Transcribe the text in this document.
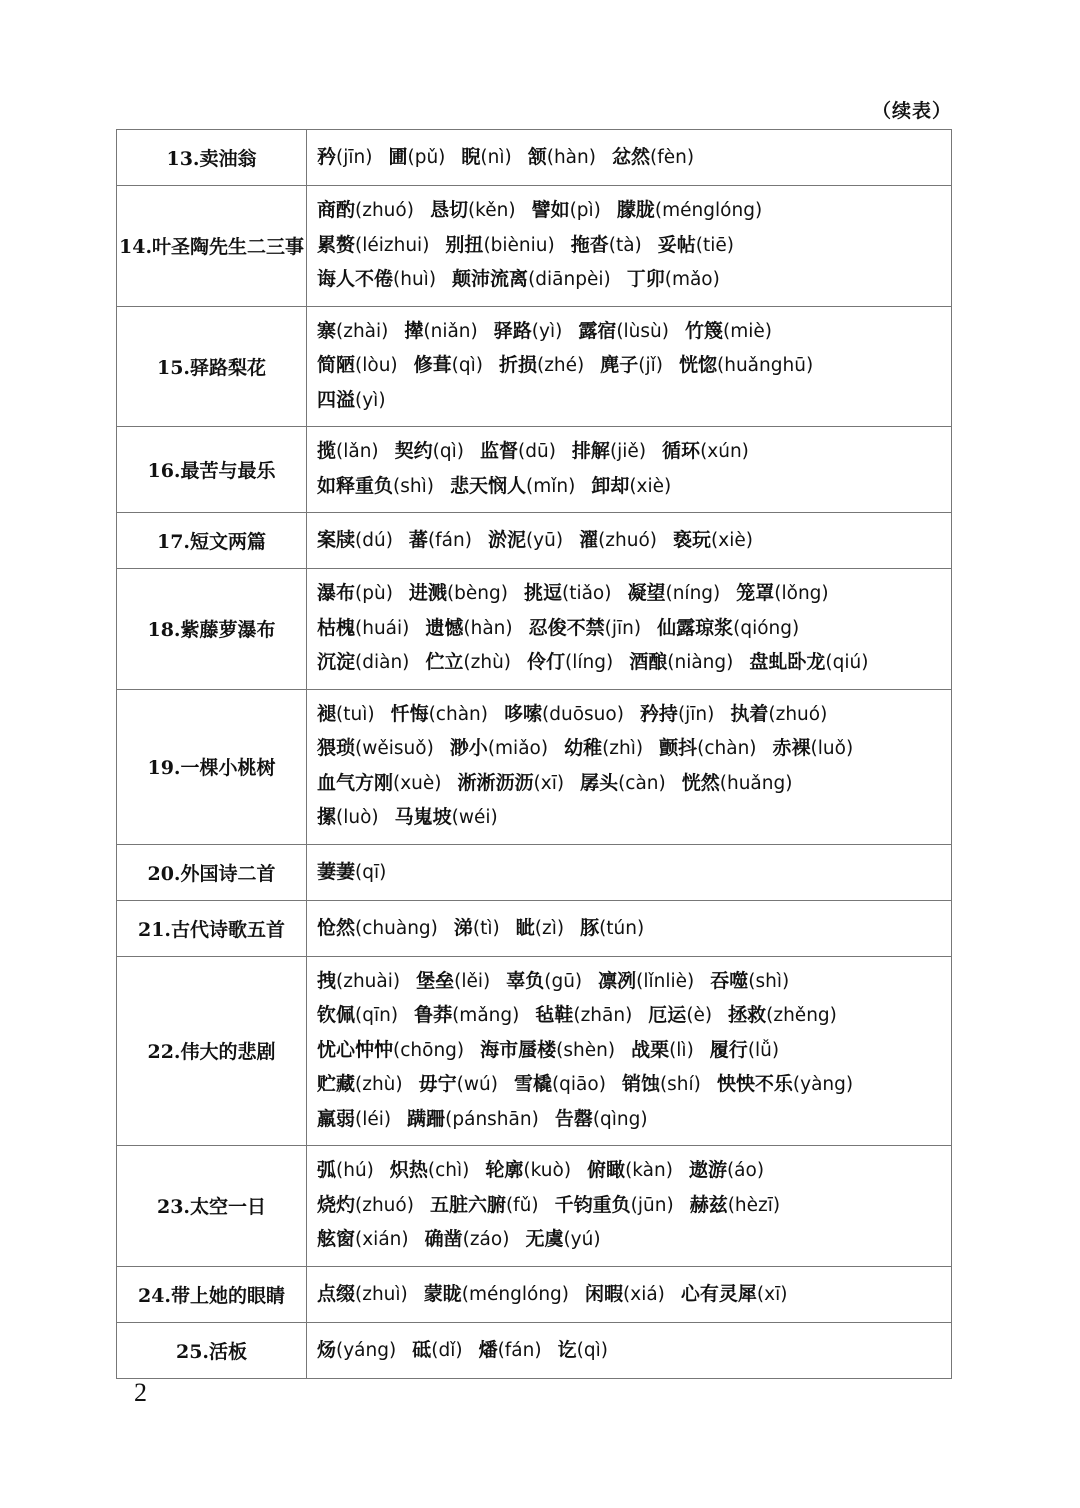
（续表）
13.卖油翁	矜(jīn) 圃(pǔ) 睨(nì) 颔(hàn) 忿然(fèn)

14.叶圣陶先生二三事	商酌(zhuó) 恳切(kěn) 譬如(pì) 朦胧(ménglóng)
累赘(léizhui) 别扭(bièniu) 拖沓(tà) 妥帖(tiē)
诲人不倦(huì) 颠沛流离(diānpèi) 丁卯(mǎo)

15.驿路梨花	寨(zhài) 撵(niǎn) 驿路(yì) 露宿(lùsù) 竹篾(miè)
简陋(lòu) 修葺(qì) 折损(zhé) 麂子(jǐ) 恍惚(huǎnghū)
四溢(yì)

16.最苦与最乐	揽(lǎn) 契约(qì) 监督(dū) 排解(jiě) 循环(xún)
如释重负(shì) 悲天悯人(mǐn) 卸却(xiè)

17.短文两篇	案牍(dú) 蕃(fán) 淤泥(yū) 濯(zhuó) 亵玩(xiè)

18.紫藤萝瀑布	瀑布(pù) 进溅(bèng) 挑逗(tiǎo) 凝望(níng) 笼罩(lǒng)
枯槐(huái) 遗憾(hàn) 忍俊不禁(jīn) 仙露琼浆(qióng)
沉淀(diàn) 伫立(zhù) 伶仃(líng) 酒酿(niàng) 盘虬卧龙(qiú)

19.一棵小桃树	褪(tuì) 忏悔(chàn) 哆嗦(duōsuo) 矜持(jīn) 执着(zhuó)
猥琐(wěisuǒ) 渺小(miǎo) 幼稚(zhì) 颤抖(chàn) 赤裸(luǒ)
血气方刚(xuè) 淅淅沥沥(xī) 孱头(càn) 恍然(huǎng)
摞(luò) 马嵬坡(wéi)

20.外国诗二首	萋萋(qī)

21.古代诗歌五首	怆然(chuàng) 涕(tì) 眦(zì) 豚(tún)

22.伟大的悲剧	拽(zhuài) 堡垒(lěi) 辜负(gū) 凛冽(lǐnliè) 吞噬(shì)
钦佩(qīn) 鲁莽(mǎng) 毡鞋(zhān) 厄运(è) 拯救(zhěng)
忧心忡忡(chōng) 海市蜃楼(shèn) 战栗(lì) 履行(lǚ)
贮藏(zhù) 毋宁(wú) 雪橇(qiāo) 销蚀(shí) 怏怏不乐(yàng)
羸弱(léi) 蹒跚(pánshān) 告罄(qìng)

23.太空一日	弧(hú) 炽热(chì) 轮廓(kuò) 俯瞰(kàn) 遨游(áo)
烧灼(zhuó) 五脏六腑(fǔ) 千钧重负(jūn) 赫兹(hèzī)
舷窗(xián) 确凿(záo) 无虞(yú)

24.带上她的眼睛	点缀(zhuì) 蒙眬(ménglóng) 闲暇(xiá) 心有灵犀(xī)

25.活板	炀(yáng) 砥(dǐ) 燔(fán) 讫(qì)
2
